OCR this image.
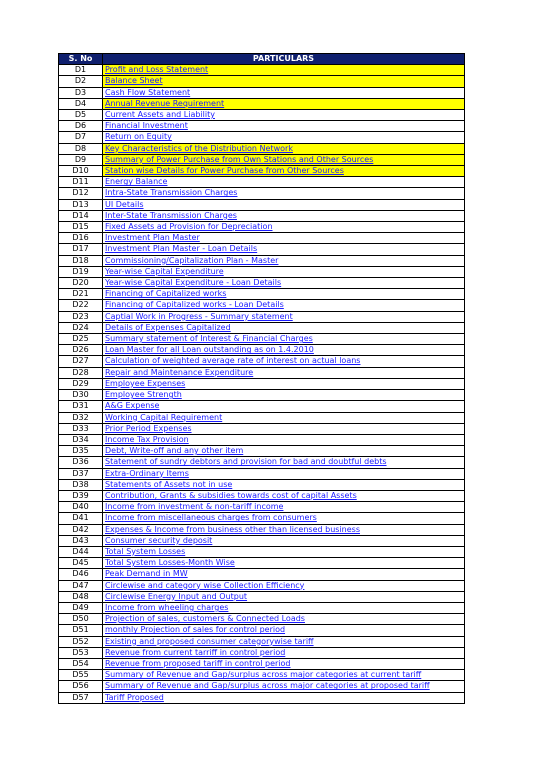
S. No	PARTICULARS
D1	Profit and Loss Statement
D2	Balance Sheet
D3	Cash Flow Statement
D4	Annual Revenue Requirement
D5	Current Assets and Liability
D6	Financial Investment
D7	Return on Equity
D8	Key Characteristics of the Distribution Network
D9	Summary of Power Purchase from Own Stations and Other Sources
D10	Station wise Details for Power Purchase from Other Sources
D11	Energy Balance
D12	Intra-State Transmission Charges
D13	UI Details
D14	Inter-State Transmission Charges
D15	Fixed Assets ad Provision for Depreciation
D16	Investment Plan Master
D17	Investment Plan Master - Loan Details
D18	Commissioning/Capitalization Plan - Master
D19	Year-wise Capital Expenditure
D20	Year-wise Capital Expenditure - Loan Details
D21	Financing of Capitalized works
D22	Financing of Capitalized works - Loan Details
D23	Captial Work in Progress - Summary statement
D24	Details of Expenses Capitalized
D25	Summary statement of Interest & Financial Charges
D26	Loan Master for all Loan outstanding as on 1.4.2010
D27	Calculation of weighted average rate of interest on actual loans
D28	Repair and Maintenance Expenditure
D29	Employee Expenses
D30	Employee Strength
D31	A&G Expense
D32	Working Capital Requirement
D33	Prior Period Expenses
D34	Income Tax Provision
D35	Debt, Write-off and any other item
D36	Statement of sundry debtors and provision for bad and doubtful debts
D37	Extra-Ordinary Items
D38	Statements of Assets not in use
D39	Contribution, Grants & subsidies towards cost of capital Assets
D40	Income from investment & non-tariff income
D41	Income from miscellaneous charges from consumers
D42	Expenses & Income from business other than licensed business
D43	Consumer security deposit
D44	Total System Losses
D45	Total System Losses-Month Wise
D46	Peak Demand in MW
D47	Circlewise and category wise Collection Efficiency
D48	Circlewise Energy Input and Output
D49	Income from wheeling charges
D50	Projection of sales, customers & Connected Loads
D51	monthly Projection of sales for control period
D52	Existing and proposed consumer categorywise tariff
D53	Revenue from current tarriff in control period
D54	Revenue from proposed tariff in control period
D55	Summary of Revenue and Gap/surplus across major categories at current tariff
D56	Summary of Revenue and Gap/surplus across major categories at proposed tariff
D57	Tariff Proposed
